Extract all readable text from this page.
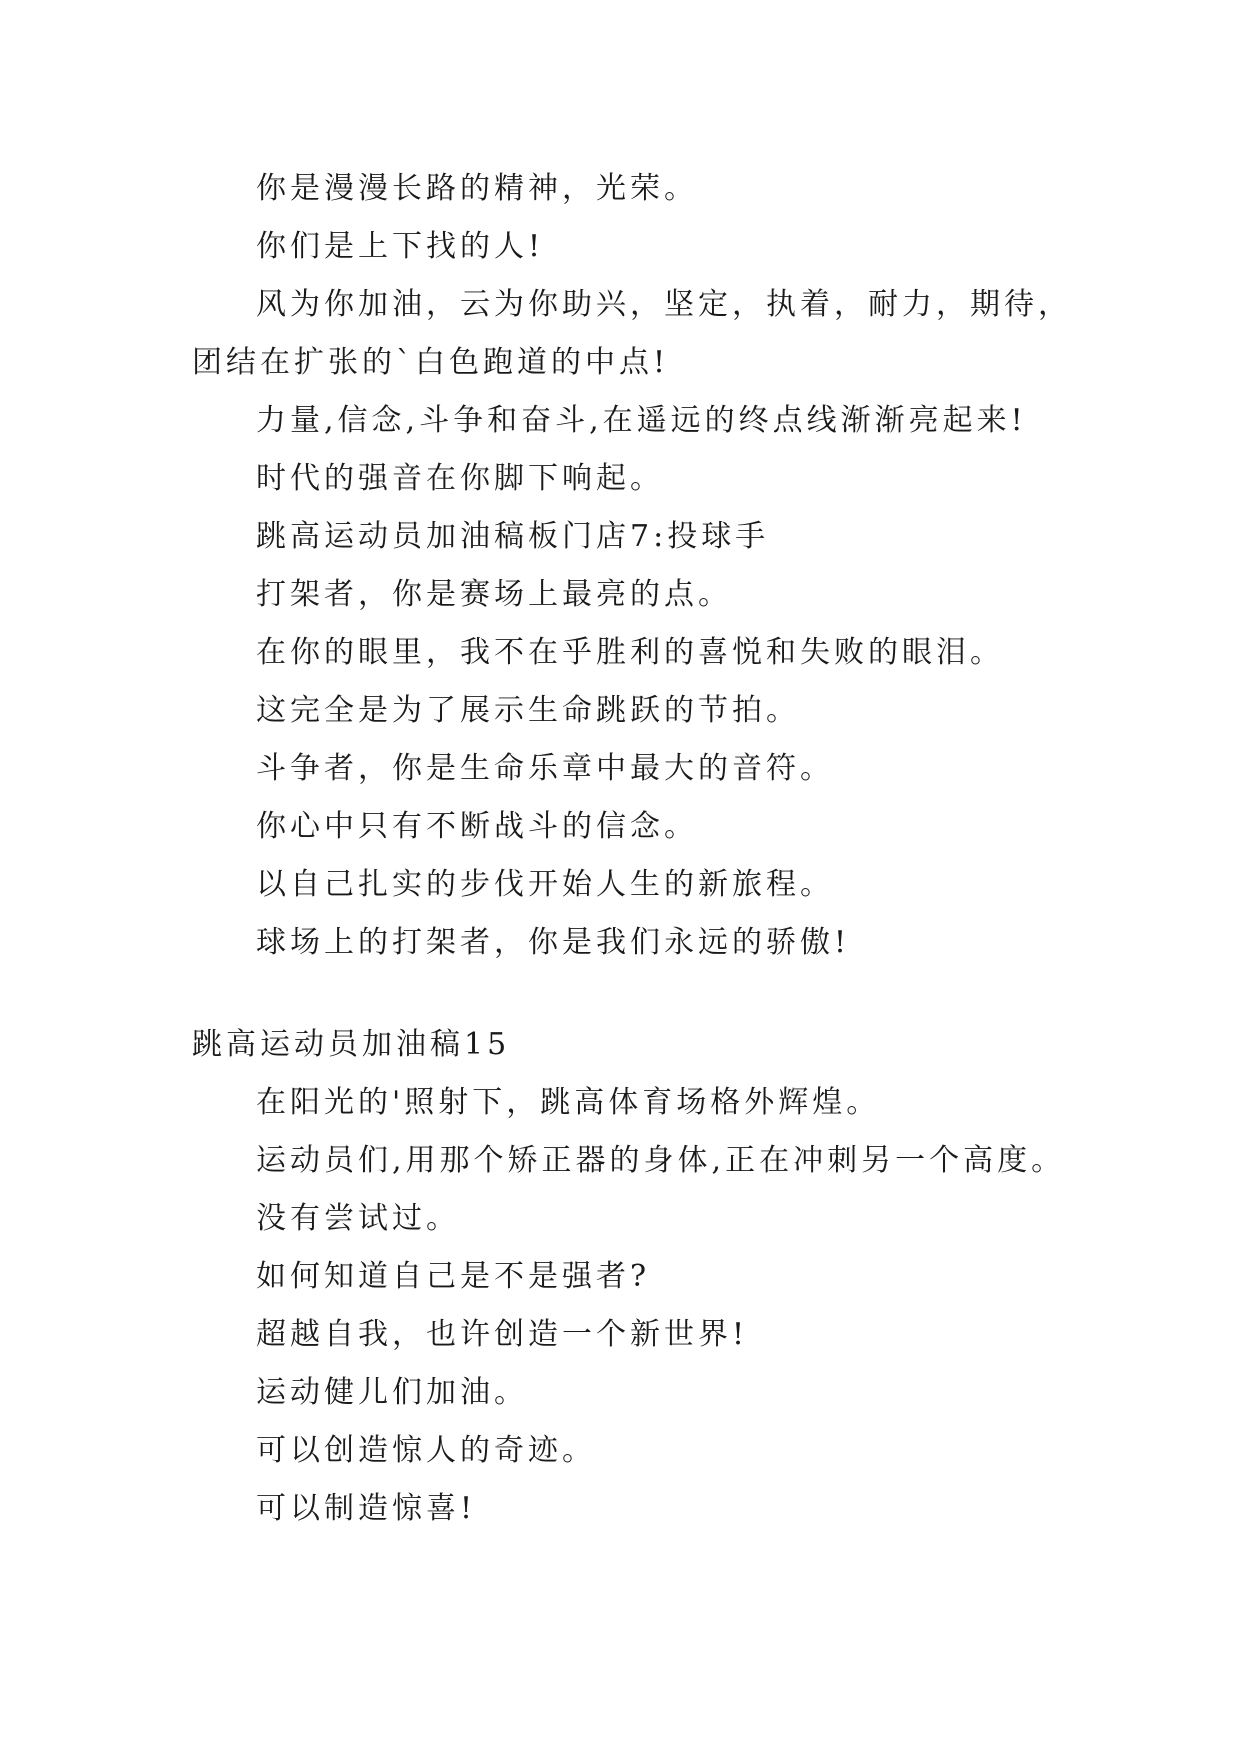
你是漫漫长路的精神，光荣。
你们是上下找的人!
风为你加油，云为你助兴，坚定，执着，耐力，期待，
团结在扩张的`白色跑道的中点!
力量,信念,斗争和奋斗,在遥远的终点线渐渐亮起来!
时代的强音在你脚下响起。
跳高运动员加油稿板门店7:投球手
打架者，你是赛场上最亮的点。
在你的眼里，我不在乎胜利的喜悦和失败的眼泪。
这完全是为了展示生命跳跃的节拍。
斗争者，你是生命乐章中最大的音符。
你心中只有不断战斗的信念。
以自己扎实的步伐开始人生的新旅程。
球场上的打架者，你是我们永远的骄傲!
跳高运动员加油稿15
在阳光的'照射下，跳高体育场格外辉煌。
运动员们,用那个矫正器的身体,正在冲刺另一个高度。
没有尝试过。
如何知道自己是不是强者?
超越自我，也许创造一个新世界!
运动健儿们加油。
可以创造惊人的奇迹。
可以制造惊喜!
